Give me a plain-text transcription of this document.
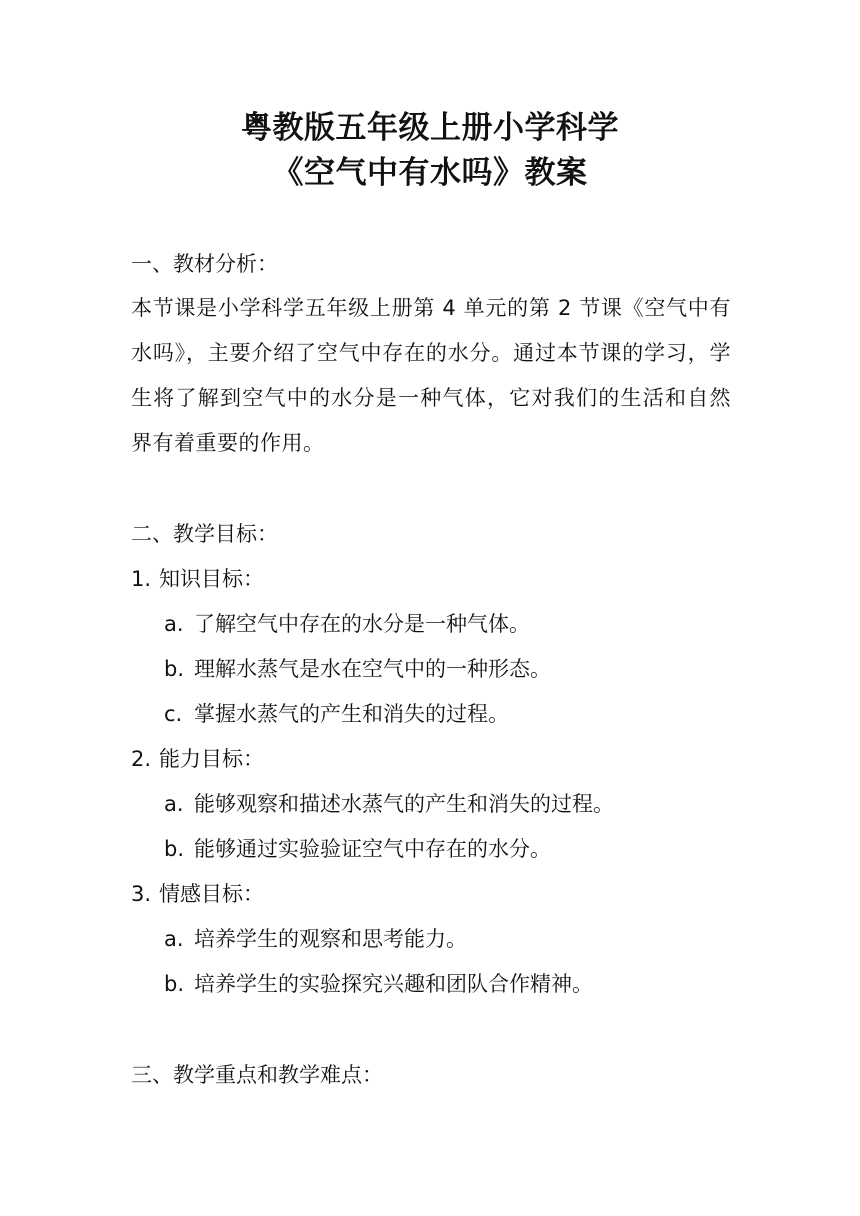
粤教版五年级上册小学科学
《空气中有水吗》教案
一、教材分析：
本节课是小学科学五年级上册第 4 单元的第 2 节课《空气中有水吗》，主要介绍了空气中存在的水分。通过本节课的学习，学生将了解到空气中的水分是一种气体，它对我们的生活和自然界有着重要的作用。
二、教学目标：
1. 知识目标：
a. 了解空气中存在的水分是一种气体。
b. 理解水蒸气是水在空气中的一种形态。
c. 掌握水蒸气的产生和消失的过程。
2. 能力目标：
a. 能够观察和描述水蒸气的产生和消失的过程。
b. 能够通过实验验证空气中存在的水分。
3. 情感目标：
a. 培养学生的观察和思考能力。
b. 培养学生的实验探究兴趣和团队合作精神。
三、教学重点和教学难点：
